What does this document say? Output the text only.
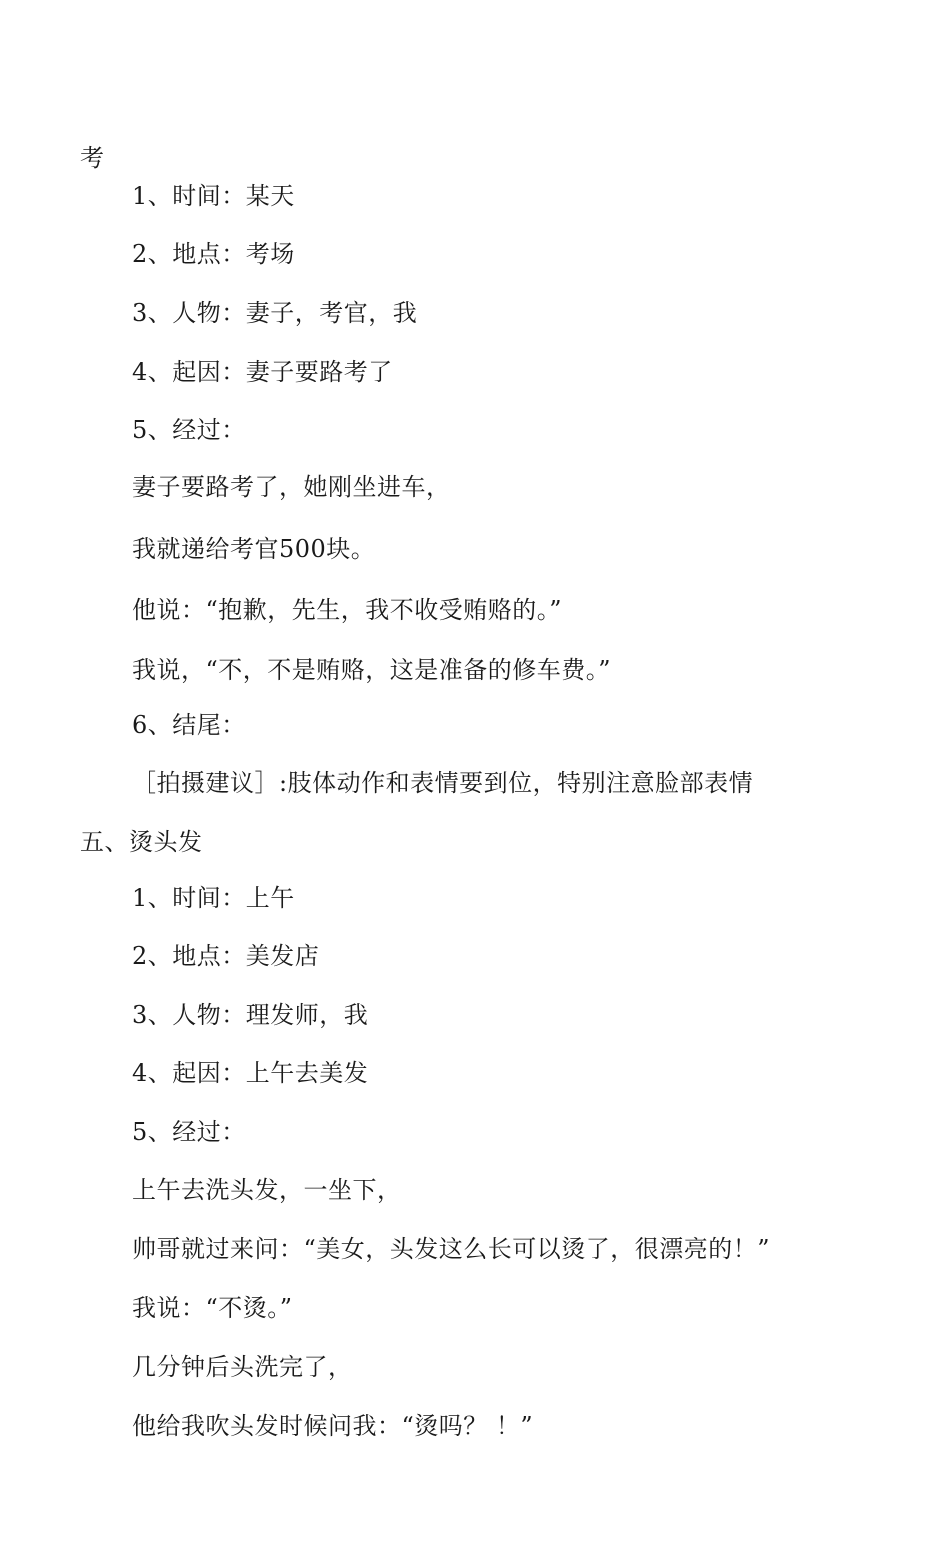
考
1、时间：某天
2、地点：考场
3、人物：妻子，考官，我
4、起因：妻子要路考了
5、经过：
妻子要路考了，她刚坐进车，
我就递给考官500块。
他说：“抱歉，先生，我不收受贿赂的。”
我说，“不，不是贿赂，这是准备的修车费。”
6、结尾：
［拍摄建议］:肢体动作和表情要到位，特别注意脸部表情
五、烫头发
1、时间：上午
2、地点：美发店
3、人物：理发师，我
4、起因：上午去美发
5、经过：
上午去洗头发，一坐下，
帅哥就过来问：“美女，头发这么长可以烫了，很漂亮的！”
我说：“不烫。”
几分钟后头洗完了，
他给我吹头发时候问我：“烫吗？ ！”
